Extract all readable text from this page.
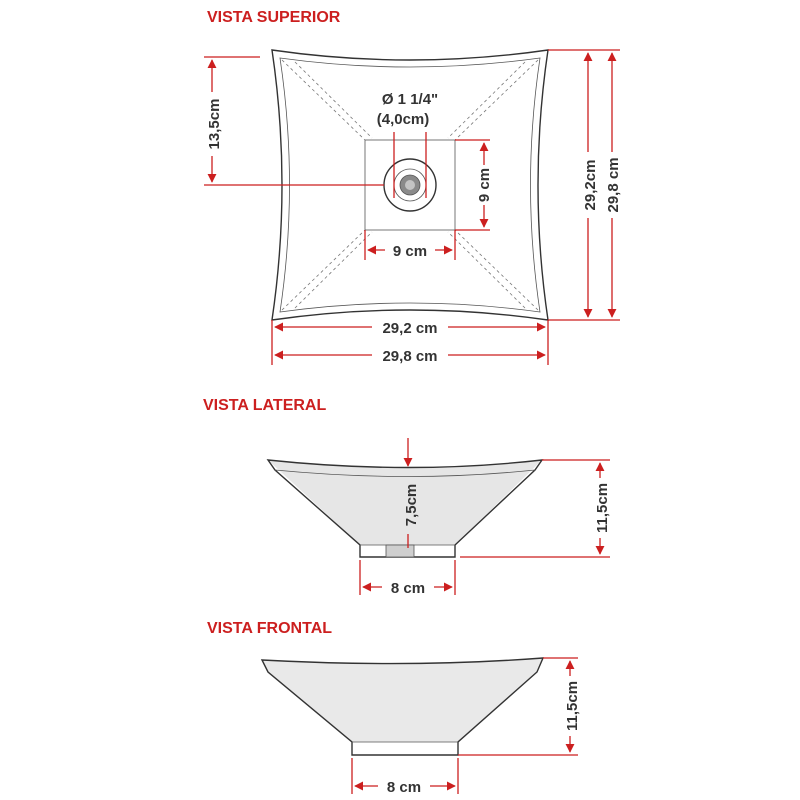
VISTA SUPERIOR
Ø 1 1/4"
(4,0cm)
13,5cm
9 cm
9 cm
29,2 cm
29,8 cm
29,2cm 29,8 cm
VISTA LATERAL
7,5cm	11,5cm
8 cm
VISTA FRONTAL
11,5cm
8 cm
